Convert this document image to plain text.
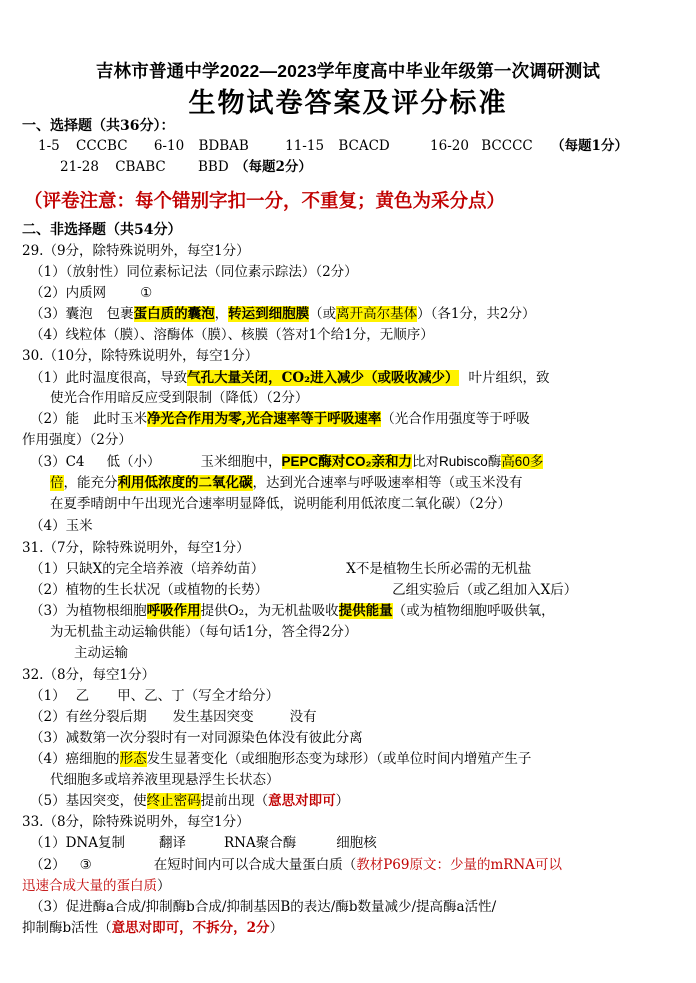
吉林市普通中学2022—2023学年度高中毕业年级第一次调研测试
生物试卷答案及评分标准
一、选择题（共36分）：
1-5 CCCBC 6-10 BDBAB	11-15 BCACD	16-20 BCCCC （每题1分）
21-28 CBABC BBD （每题2分）
（评卷注意：每个错别字扣一分，不重复；黄色为采分点）
二、非选择题（共54分）
29.（9分，除特殊说明外，每空1分）
（1）（放射性）同位素标记法（同位素示踪法）（2分）
（2）内质网	①
（3）囊泡 包裹蛋白质的囊泡，转运到细胞膜（或离开高尔基体）（各1分，共2分）
（4）线粒体（膜）、溶酶体（膜）、核膜（答对1个给1分，无顺序）
30.（10分，除特殊说明外，每空1分）
（1）此时温度很高，导致气孔大量关闭，CO₂进入减少（或吸收减少） 叶片组织，致
使光合作用暗反应受到限制（降低）（2分）
（2）能 此时玉米净光合作用为零,光合速率等于呼吸速率（光合作用强度等于呼吸
作用强度）（2分）
（3）C4 低（小）	玉米细胞中，PEPC酶对CO₂亲和力比对Rubisco酶高60多
倍，能充分利用低浓度的二氧化碳，达到光合速率与呼吸速率相等（或玉米没有
在夏季晴朗中午出现光合速率明显降低，说明能利用低浓度二氧化碳）（2分）
（4）玉米
31.（7分，除特殊说明外，每空1分）
（1）只缺X的完全培养液（培养幼苗）	X不是植物生长所必需的无机盐
（2）植物的生长状况（或植物的长势）	乙组实验后（或乙组加入X后）
（3）为植物根细胞呼吸作用提供O₂，为无机盐吸收提供能量（或为植物细胞呼吸供氧，
为无机盐主动运输供能）（每句话1分，答全得2分）
主动运输
32.（8分，每空1分）
（1） 乙 甲、乙、丁（写全才给分）
（2）有丝分裂后期 发生基因突变	没有
（3）减数第一次分裂时有一对同源染色体没有彼此分离
（4）癌细胞的形态发生显著变化（或细胞形态变为球形）（或单位时间内增殖产生子
代细胞多或培养液里现悬浮生长状态）
（5）基因突变，使终止密码提前出现（意思对即可）
33.（8分，除特殊说明外，每空1分）
（1）DNA复制	翻译	RNA聚合酶	细胞核
（2） ③	在短时间内可以合成大量蛋白质（教材P69原文：少量的mRNA可以
迅速合成大量的蛋白质）
（3）促进酶a合成/抑制酶b合成/抑制基因B的表达/酶b数量减少/提高酶a活性/
抑制酶b活性（意思对即可，不拆分，2分）
